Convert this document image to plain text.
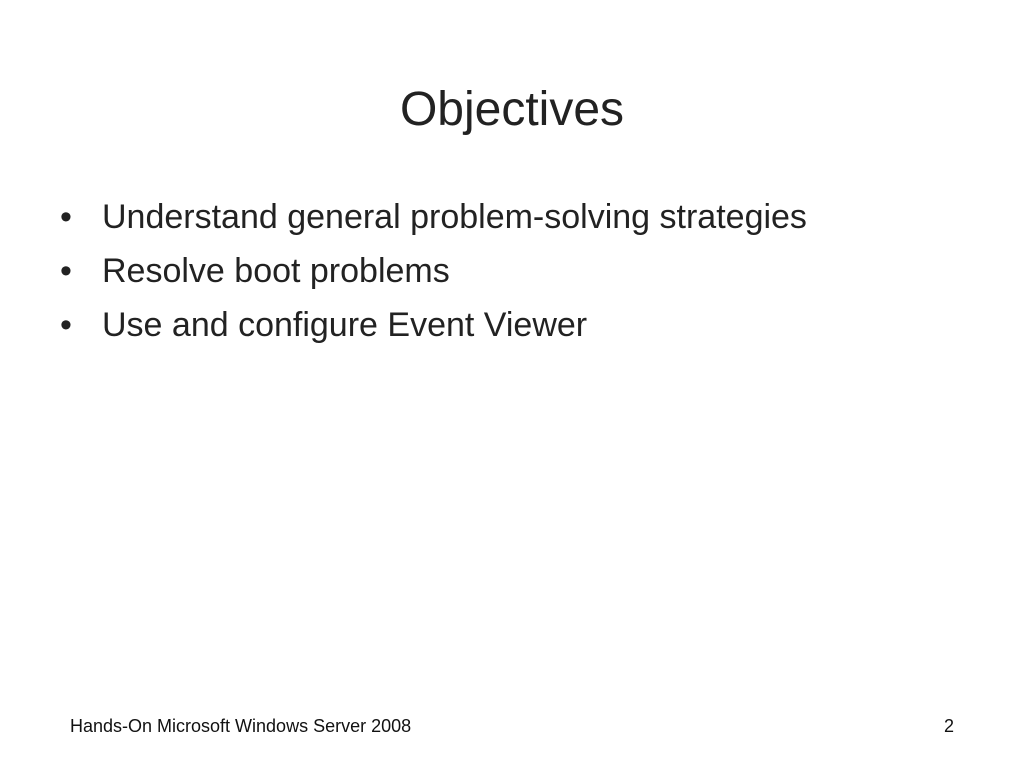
Objectives
• Understand general problem-solving strategies
• Resolve boot problems
• Use and configure Event Viewer
Hands-On Microsoft Windows Server 2008	2
